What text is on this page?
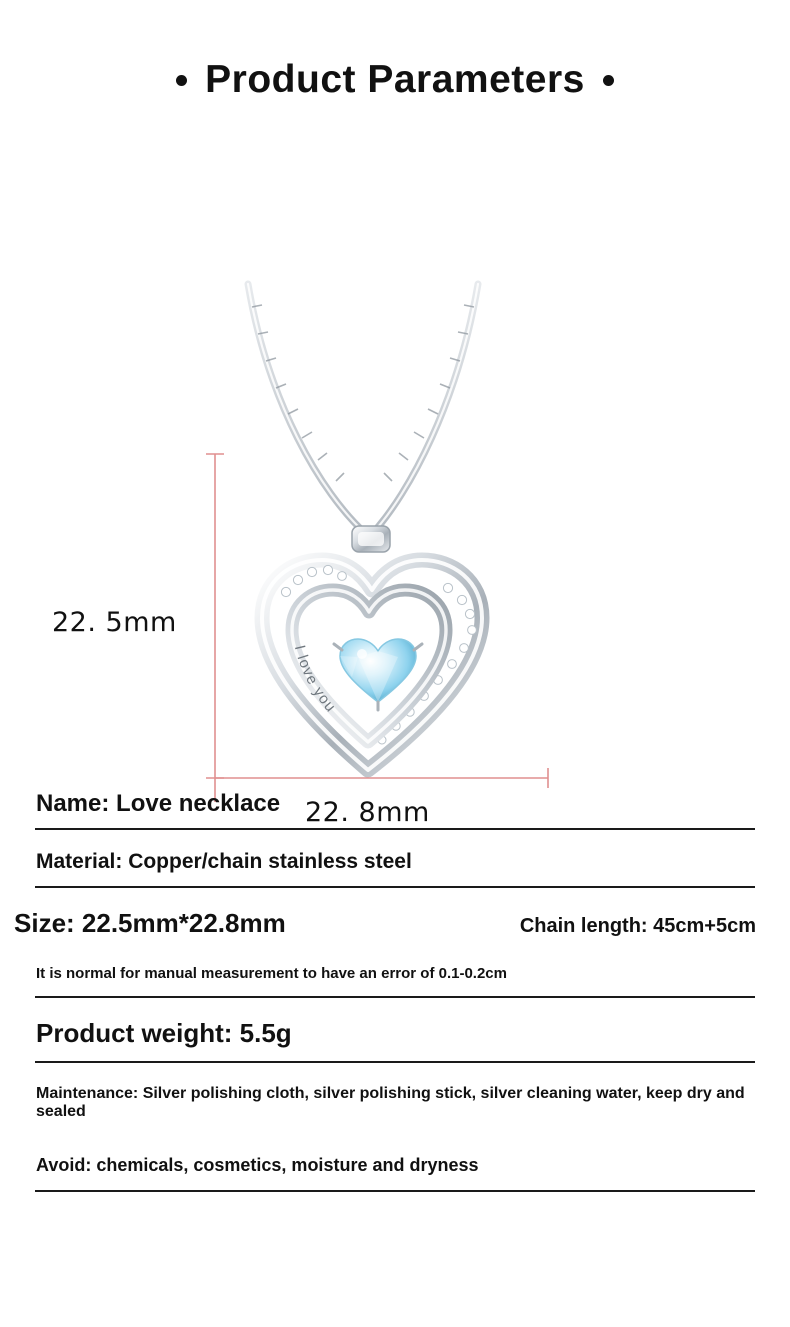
Product Parameters
I love you
22. 5mm
22. 8mm
Name: Love necklace
Material: Copper/chain stainless steel
Size: 22.5mm*22.8mm	Chain length: 45cm+5cm
It is normal for manual measurement to have an error of 0.1-0.2cm
Product weight: 5.5g
Maintenance: Silver polishing cloth, silver polishing stick, silver cleaning water, keep dry and sealed
Avoid: chemicals, cosmetics, moisture and dryness
